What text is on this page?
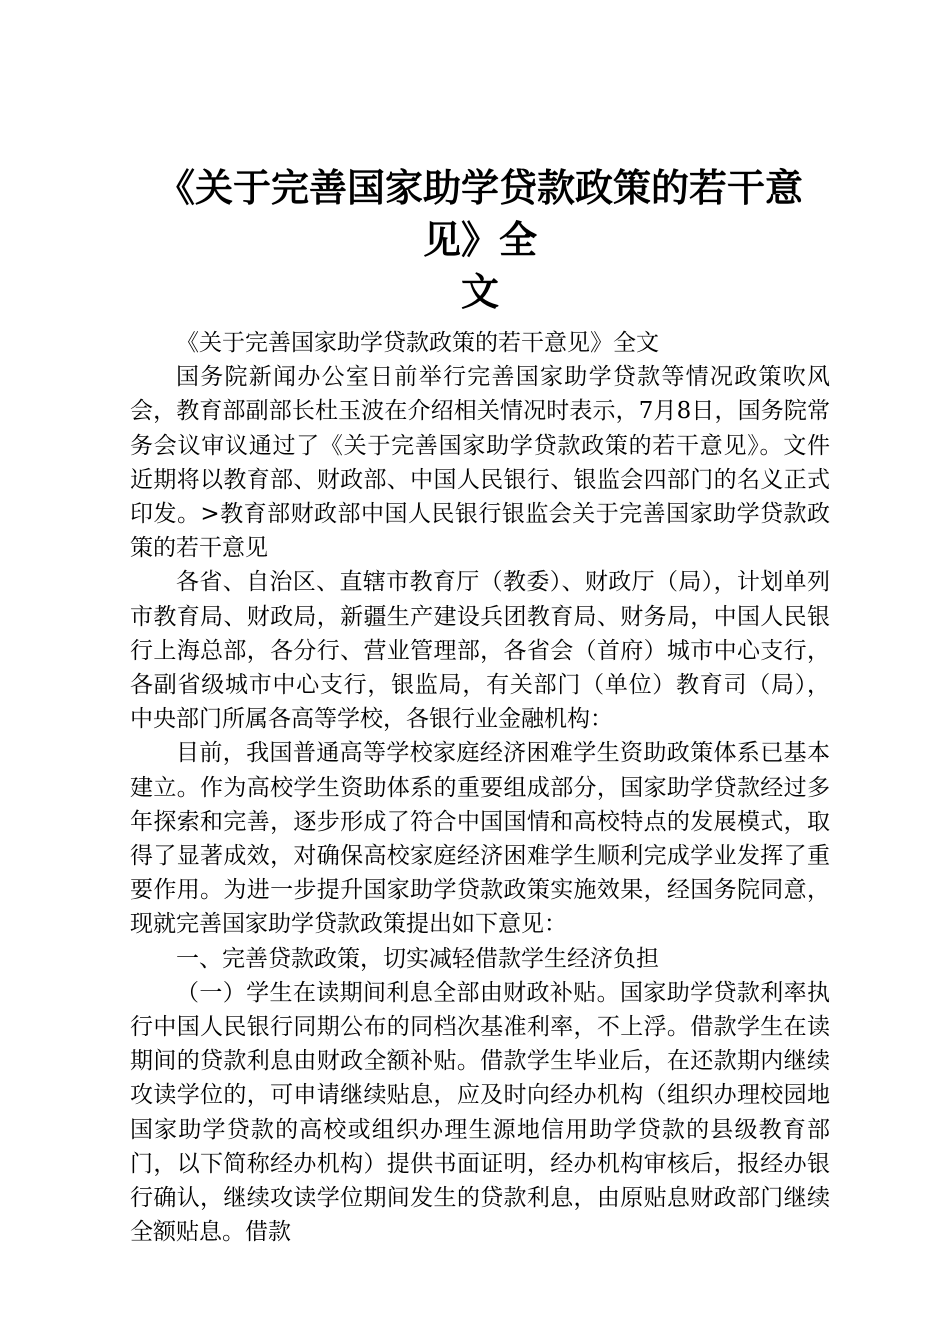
《关于完善国家助学贷款政策的若干意见》全
文

《关于完善国家助学贷款政策的若干意见》全文

国务院新闻办公室日前举行完善国家助学贷款等情况政策吹风会，教育部副部长杜玉波在介绍相关情况时表示，7月8日，国务院常务会议审议通过了《关于完善国家助学贷款政策的若干意见》。文件近期将以教育部、财政部、中国人民银行、银监会四部门的名义正式印发。>教育部财政部中国人民银行银监会关于完善国家助学贷款政策的若干意见

各省、自治区、直辖市教育厅（教委）、财政厅（局），计划单列市教育局、财政局，新疆生产建设兵团教育局、财务局，中国人民银行上海总部，各分行、营业管理部，各省会（首府）城市中心支行，各副省级城市中心支行，银监局，有关部门（单位）教育司（局），中央部门所属各高等学校，各银行业金融机构：

目前，我国普通高等学校家庭经济困难学生资助政策体系已基本建立。作为高校学生资助体系的重要组成部分，国家助学贷款经过多年探索和完善，逐步形成了符合中国国情和高校特点的发展模式，取得了显著成效，对确保高校家庭经济困难学生顺利完成学业发挥了重要作用。为进一步提升国家助学贷款政策实施效果，经国务院同意，现就完善国家助学贷款政策提出如下意见：

一、完善贷款政策，切实减轻借款学生经济负担

（一）学生在读期间利息全部由财政补贴。国家助学贷款利率执行中国人民银行同期公布的同档次基准利率，不上浮。借款学生在读期间的贷款利息由财政全额补贴。借款学生毕业后，在还款期内继续攻读学位的，可申请继续贴息，应及时向经办机构（组织办理校园地国家助学贷款的高校或组织办理生源地信用助学贷款的县级教育部门，以下简称经办机构）提供书面证明，经办机构审核后，报经办银行确认，继续攻读学位期间发生的贷款利息，由原贴息财政部门继续全额贴息。借款
